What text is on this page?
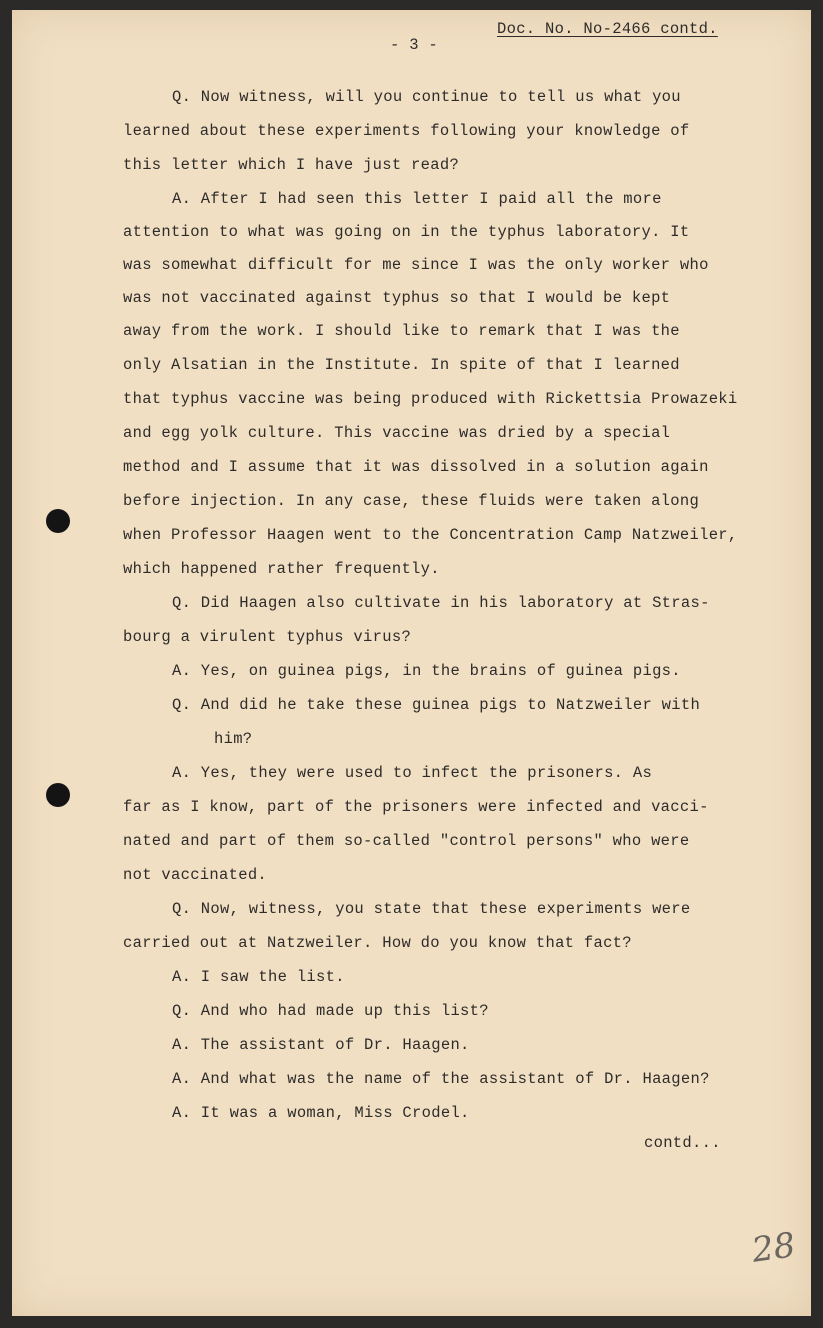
Doc. No. No-2466 contd.
- 3 -
Q. Now witness, will you continue to tell us what you
learned about these experiments following your knowledge of
this letter which I have just read?
A. After I had seen this letter I paid all the more
attention to what was going on in the typhus laboratory. It
was somewhat difficult for me since I was the only worker who
was not vaccinated against typhus so that I would be kept
away from the work. I should like to remark that I was the
only Alsatian in the Institute. In spite of that I learned
that typhus vaccine was being produced with Rickettsia Prowazeki
and egg yolk culture. This vaccine was dried by a special
method and I assume that it was dissolved in a solution again
before injection. In any case, these fluids were taken along
when Professor Haagen went to the Concentration Camp Natzweiler,
which happened rather frequently.
Q. Did Haagen also cultivate in his laboratory at Stras-
bourg a virulent typhus virus?
A. Yes, on guinea pigs, in the brains of guinea pigs.
Q. And did he take these guinea pigs to Natzweiler with
him?
A. Yes, they were used to infect the prisoners. As
far as I know, part of the prisoners were infected and vacci-
nated and part of them so-called "control persons" who were
not vaccinated.
Q. Now, witness, you state that these experiments were
carried out at Natzweiler. How do you know that fact?
A. I saw the list.
Q. And who had made up this list?
A. The assistant of Dr. Haagen.
A. And what was the name of the assistant of Dr. Haagen?
A. It was a woman, Miss Crodel.
contd...
28
